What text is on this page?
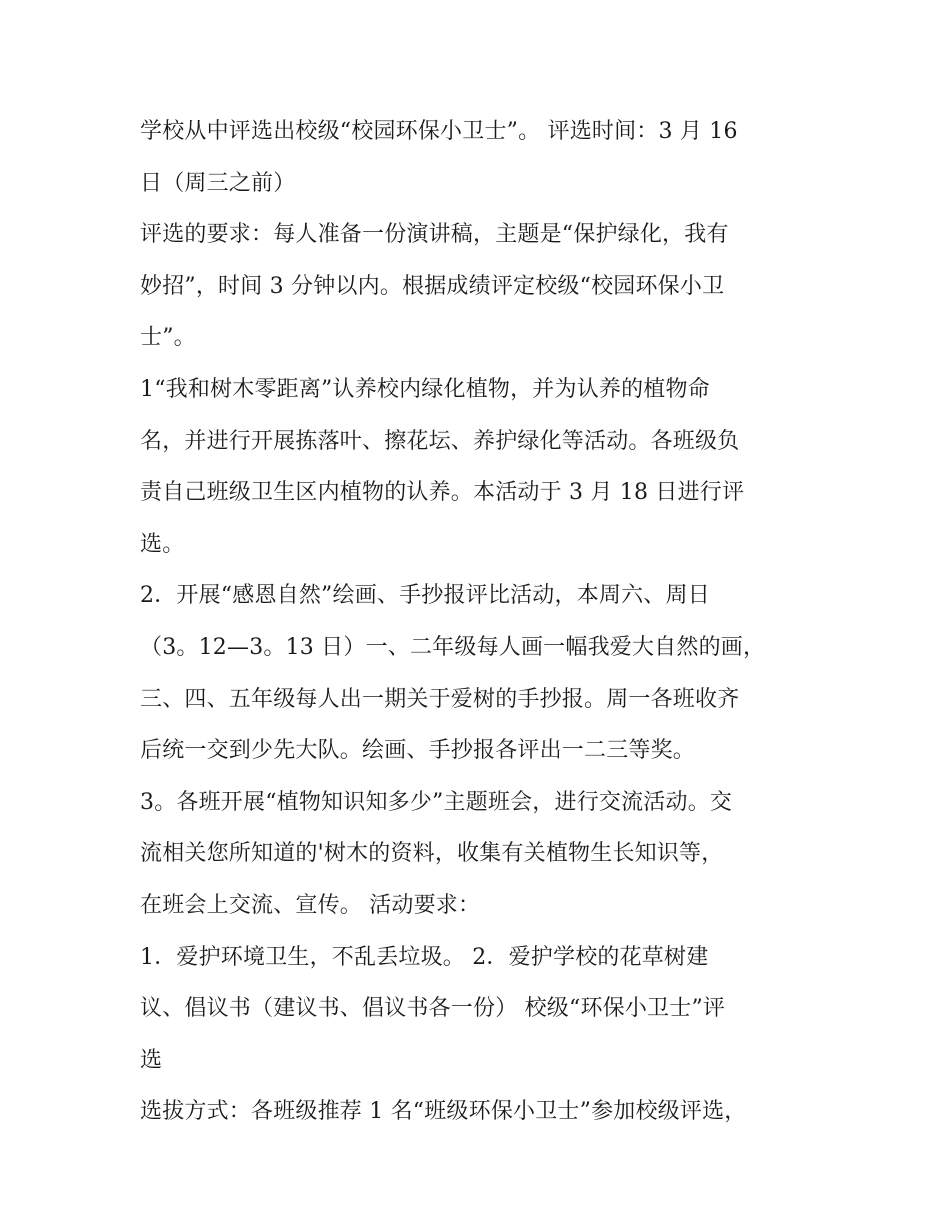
学校从中评选出校级“校园环保小卫士”。 评选时间：3 月 16
日（周三之前）
评选的要求：每人准备一份演讲稿，主题是“保护绿化，我有
妙招”，时间 3 分钟以内。根据成绩评定校级“校园环保小卫
士”。
1“我和树木零距离”认养校内绿化植物，并为认养的植物命
名，并进行开展拣落叶、擦花坛、养护绿化等活动。各班级负
责自己班级卫生区内植物的认养。本活动于 3 月 18 日进行评
选。
2．开展“感恩自然”绘画、手抄报评比活动，本周六、周日
（3。12—3。13 日）一、二年级每人画一幅我爱大自然的画，
三、四、五年级每人出一期关于爱树的手抄报。周一各班收齐
后统一交到少先大队。绘画、手抄报各评出一二三等奖。
3。各班开展“植物知识知多少”主题班会，进行交流活动。交
流相关您所知道的'树木的资料，收集有关植物生长知识等，
在班会上交流、宣传。 活动要求：
1．爱护环境卫生，不乱丢垃圾。 2．爱护学校的花草树建
议、倡议书（建议书、倡议书各一份） 校级“环保小卫士”评
选
选拔方式：各班级推荐 1 名“班级环保小卫士”参加校级评选，
